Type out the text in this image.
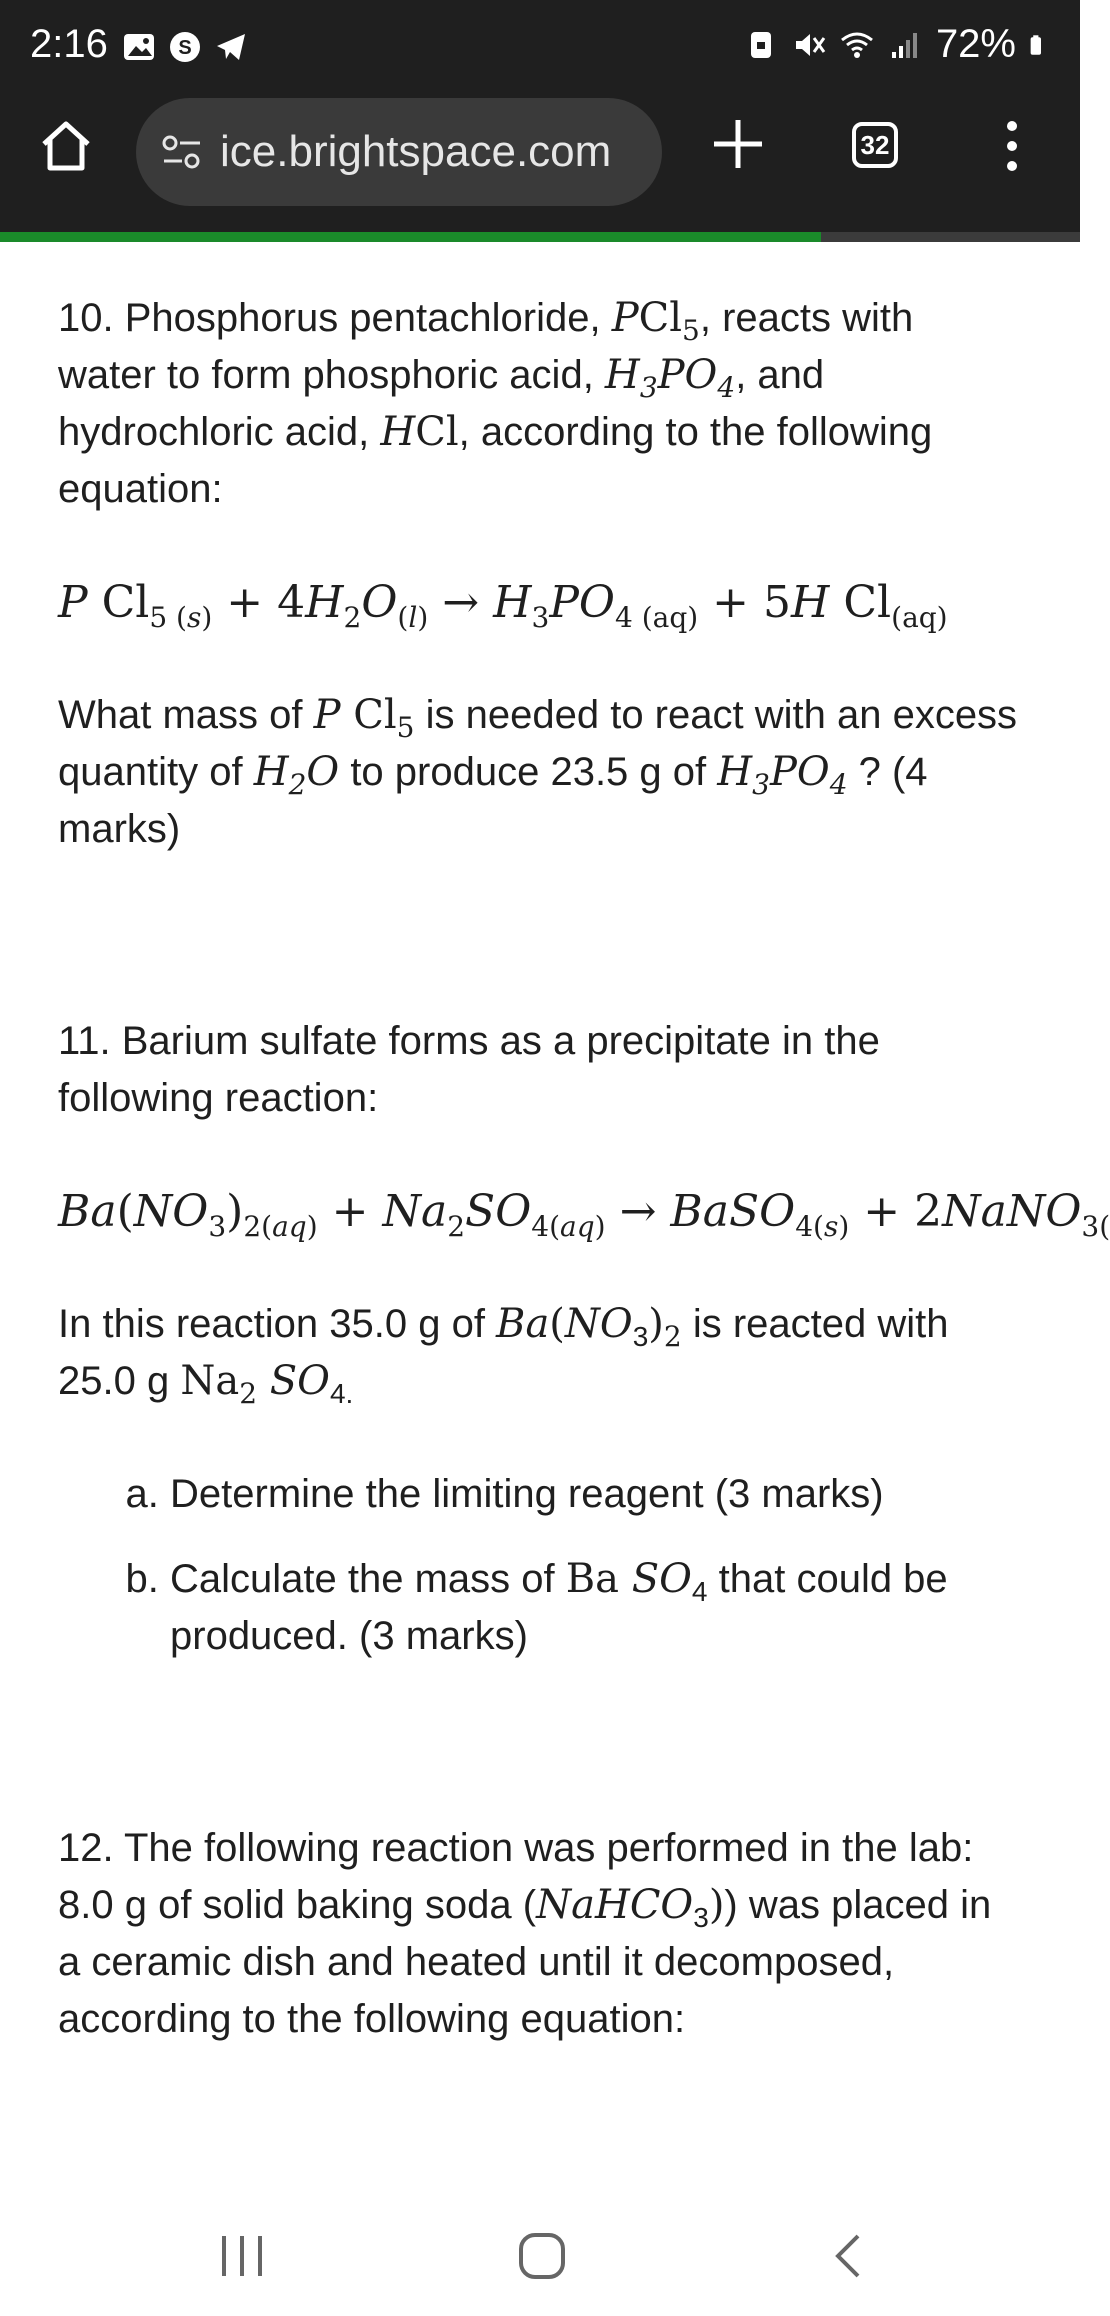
2:16	S	72%
ice.brightspace.com	32

10. Phosphorus pentachloride, PCl$_5$, reacts with water to form phosphoric acid, $H_3PO_4$, and hydrochloric acid, HCl, according to the following equation:

P $Cl_{5 (s)} + 4H_2O_{(l)} \to H_3PO_{4 (aq)} + 5H$ $Cl_{(aq)}$

What mass of P $Cl_5$ is needed to react with an excess quantity of $H_2O$ to produce 23.5 g of $H_3PO_4$ ? (4 marks)

11. Barium sulfate forms as a precipitate in the following reaction:

$Ba(NO_3)_{2(aq)} + Na_2SO_{4(aq)}$ → BaSO$_{4(s)}$ + 2NaNO$_{3(}$

In this reaction 35.0 g of $Ba(NO_3)_2$ is reacted with 25.0 g $Na_2$ $SO_{4.}$

a. Determine the limiting reagent (3 marks)
b. Calculate the mass of Ba $SO_4$ that could be produced. (3 marks)

12. The following reaction was performed in the lab: 8.0 g of solid baking soda (NaHCO$_3$)) was placed in a ceramic dish and heated until it decomposed, according to the following equation:
